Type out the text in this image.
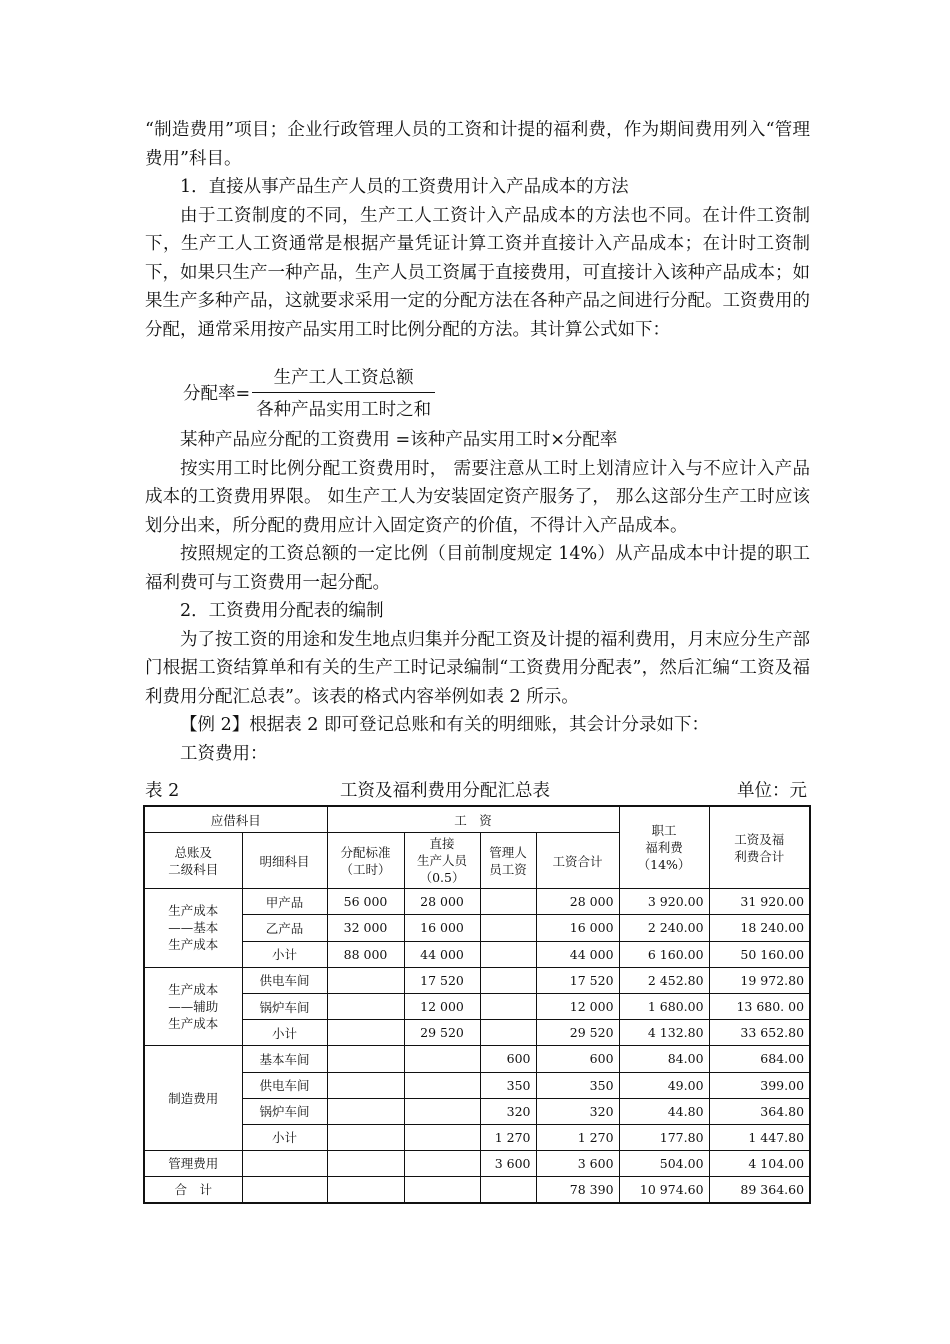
“制造费用”项目；企业行政管理人员的工资和计提的福利费，作为期间费用列入“管理费用”科目。

1．直接从事产品生产人员的工资费用计入产品成本的方法

由于工资制度的不同，生产工人工资计入产品成本的方法也不同。在计件工资制下，生产工人工资通常是根据产量凭证计算工资并直接计入产品成本；在计时工资制下，如果只生产一种产品，生产人员工资属于直接费用，可直接计入该种产品成本；如果生产多种产品，这就要求采用一定的分配方法在各种产品之间进行分配。工资费用的分配，通常采用按产品实用工时比例分配的方法。其计算公式如下：

分配率= $\frac{\text{生产工人工资总额}}{\text{各种产品实用工时之和}}$

某种产品应分配的工资费用 =该种产品实用工时×分配率

按实用工时比例分配工资费用时， 需要注意从工时上划清应计入与不应计入产品成本的工资费用界限。 如生产工人为安装固定资产服务了， 那么这部分生产工时应该划分出来，所分配的费用应计入固定资产的价值，不得计入产品成本。

按照规定的工资总额的一定比例（目前制度规定 14%）从产品成本中计提的职工福利费可与工资费用一起分配。

2．工资费用分配表的编制

为了按工资的用途和发生地点归集并分配工资及计提的福利费用，月末应分生产部门根据工资结算单和有关的生产工时记录编制“工资费用分配表”，然后汇编“工资及福利费用分配汇总表”。该表的格式内容举例如表 2 所示。

【例 2】根据表 2 即可登记总账和有关的明细账，其会计分录如下：

工资费用：

表 2	工资及福利费用分配汇总表	单位：元
应借科目		工　资				职工
福利费
（14%）	工资及福
利费合计
总账及
二级科目	明细科目	分配标准
（工时）	直接
生产人员
（0.5）	管理人
员工资	工资合计		
生产成本
——基本
生产成本	甲产品	56 000	28 000		28 000	3 920.00	31 920.00
	乙产品	32 000	16 000		16 000	2 240.00	18 240.00
	小计	88 000	44 000		44 000	6 160.00	50 160.00
生产成本
——辅助
生产成本	供电车间		17 520		17 520	2 452.80	19 972.80
	锅炉车间		12 000		12 000	1 680.00	13 680. 00
	小计		29 520		29 520	4 132.80	33 652.80
制造费用	基本车间			600	600	84.00	684.00
	供电车间			350	350	49.00	399.00
	锅炉车间			320	320	44.80	364.80
	小计			1 270	1 270	177.80	1 447.80
管理费用				3 600	3 600	504.00	4 104.00
合　计					78 390	10 974.60	89 364.60
